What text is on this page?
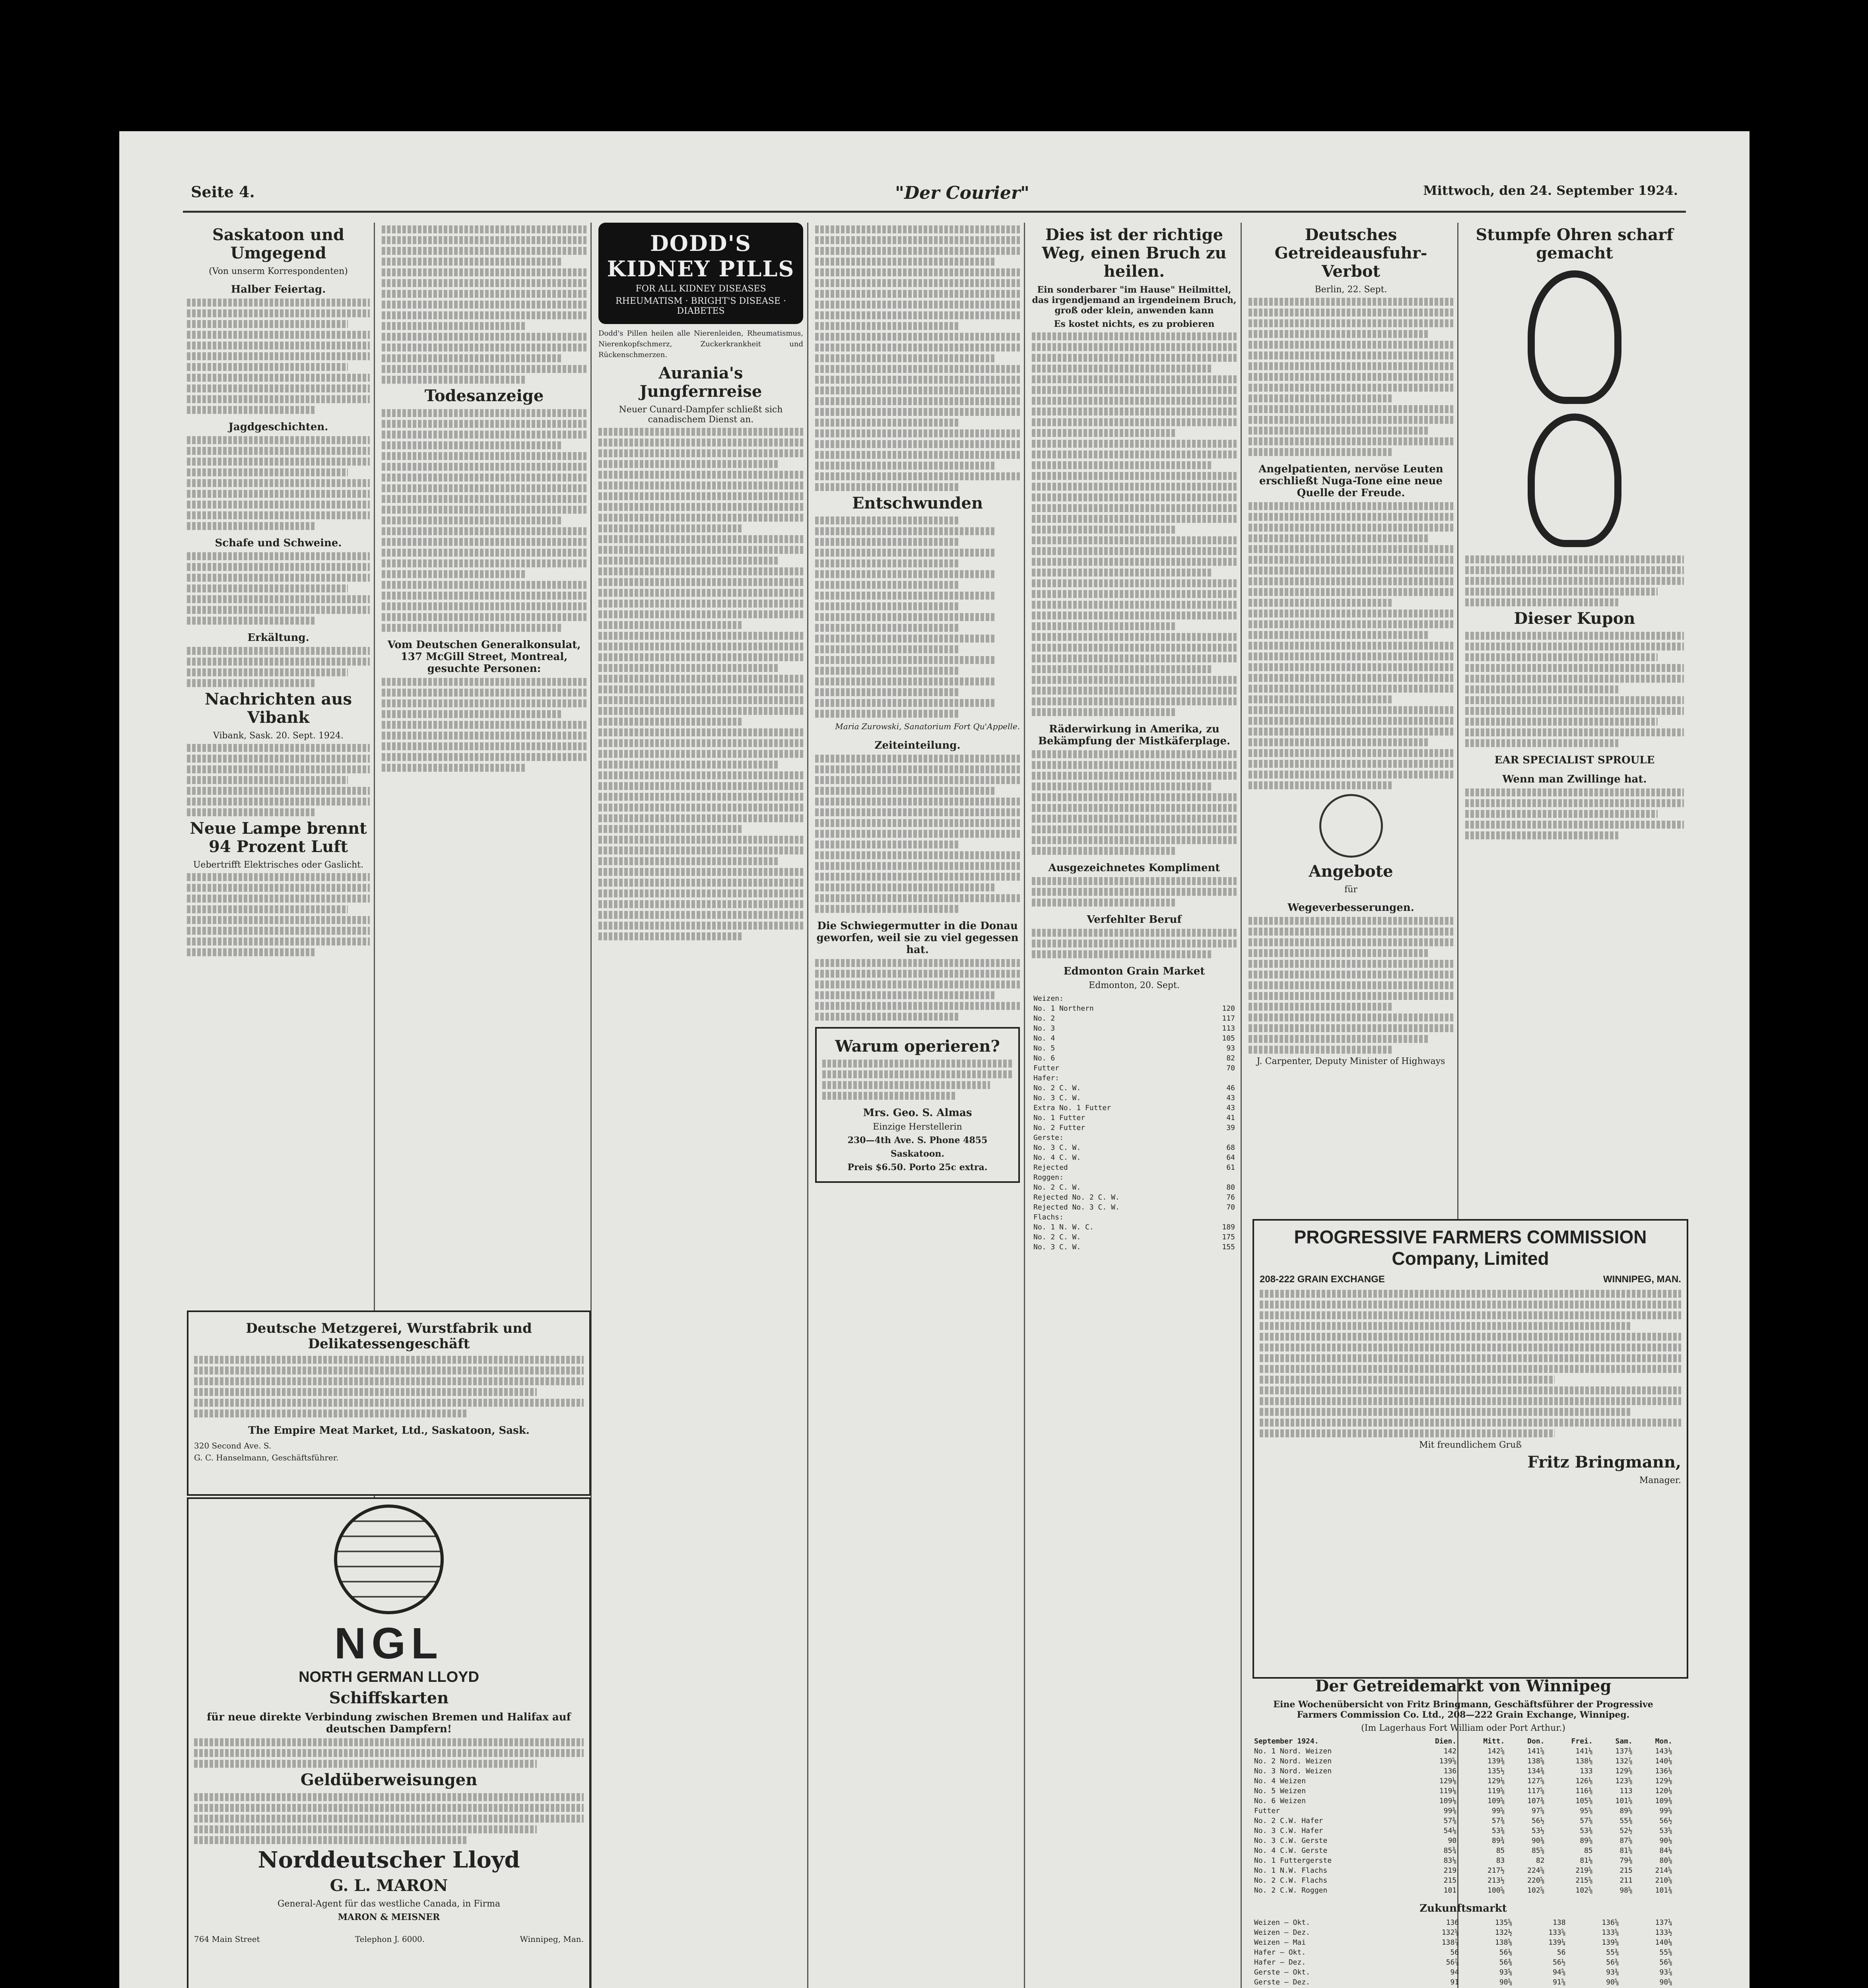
Seite 4.	"Der Courier"	Mittwoch, den 24. September 1924.
Saskatoon und Umgegend
(Von unserm Korrespondenten)
Halber Feiertag.
Jagdgeschichten.
Schafe und Schweine.
Erkältung.
Nachrichten aus Vibank
Vibank, Sask. 20. Sept. 1924.
Neue Lampe brennt 94 Prozent Luft
Uebertrifft Elektrisches oder Gaslicht.
Todesanzeige
Vom Deutschen Generalkonsulat, 137 McGill Street, Montreal, gesuchte Personen:
Deutsche Metzgerei, Wurstfabrik und Delikatessengeschäft
The Empire Meat Market, Ltd., Saskatoon, Sask.
320 Second Ave. S.
G. C. Hanselmann, Geschäftsführer.
NGL
NORTH GERMAN LLOYD
Schiffskarten
für neue direkte Verbindung zwischen Bremen und Halifax auf deutschen Dampfern!
Geldüberweisungen
Norddeutscher Lloyd
G. L. MARON
General-Agent für das westliche Canada, in Firma
MARON & MEISNER
764 Main Street	Telephon J. 6000.	Winnipeg, Man.
DODD'S
KIDNEY PILLS
FOR ALL KIDNEY DISEASES
RHEUMATISM · BRIGHT'S DISEASE · DIABETES
Dodd's Pillen heilen alle Nierenleiden, Rheumatismus, Nierenkopfschmerz, Zuckerkrankheit und Rückenschmerzen.
Aurania's Jungfernreise
Neuer Cunard-Dampfer schließt sich canadischem Dienst an.
Entschwunden
Maria Zurowski, Sanatorium Fort Qu'Appelle.
Zeiteinteilung.
Die Schwiegermutter in die Donau geworfen, weil sie zu viel gegessen hat.
Warum operieren?
Mrs. Geo. S. Almas
Einzige Herstellerin
230—4th Ave. S. Phone 4855
Saskatoon.
Preis $6.50. Porto 25c extra.
Dies ist der richtige Weg, einen Bruch zu heilen.
Ein sonderbarer "im Hause" Heilmittel, das irgendjemand an irgendeinem Bruch, groß oder klein, anwenden kann
Es kostet nichts, es zu probieren
Räderwirkung in Amerika, zu Bekämpfung der Mistkäferplage.
Ausgezeichnetes Kompliment
Verfehlter Beruf
Edmonton Grain Market
Edmonton, 20. Sept.
Weizen:	
No. 1 Northern	120
No. 2	117
No. 3	113
No. 4	105
No. 5	93
No. 6	82
Futter	70
Hafer:	
No. 2 C. W.	46
No. 3 C. W.	43
Extra No. 1 Futter	43
No. 1 Futter	41
No. 2 Futter	39
Gerste:	
No. 3 C. W.	68
No. 4 C. W.	64
Rejected	61
Roggen:	
No. 2 C. W.	80
Rejected No. 2 C. W.	76
Rejected No. 3 C. W.	70
Flachs:	
No. 1 N. W. C.	189
No. 2 C. W.	175
No. 3 C. W.	155
Deutsches Getreideausfuhr-Verbot
Berlin, 22. Sept.
Angelpatienten, nervöse Leuten erschließt Nuga-Tone eine neue Quelle der Freude.
Angebote
für
Wegeverbesserungen.
J. Carpenter, Deputy Minister of Highways
Stumpfe Ohren scharf gemacht
Dieser Kupon
EAR SPECIALIST SPROULE
Wenn man Zwillinge hat.
PROGRESSIVE FARMERS COMMISSION
Company, Limited
208-222 GRAIN EXCHANGE	WINNIPEG, MAN.
Mit freundlichem Gruß
Fritz Bringmann,
Manager.
Der Getreidemarkt von Winnipeg
Eine Wochenübersicht von Fritz Bringmann, Geschäftsführer der Progressive Farmers Commission Co. Ltd., 208—222 Grain Exchange, Winnipeg.
(Im Lagerhaus Fort William oder Port Arthur.)
September 1924.	Dien.	Mitt.	Don.	Frei.	Sam.	Mon.
No. 1 Nord. Weizen	142	142⅝	141⅝	141⅛	137⅜	143⅛
No. 2 Nord. Weizen	139⅝	139⅜	138⅝	138⅛	132⅞	140⅛
No. 3 Nord. Weizen	136	135½	134⅜	133	129⅝	136⅛
No. 4 Weizen	129⅛	129⅛	127⅝	126⅛	123⅝	129⅛
No. 5 Weizen	119⅛	119⅝	117⅝	116⅜	113	120⅛
No. 6 Weizen	109⅛	109⅝	107⅜	105⅝	101⅝	109⅜
Futter	99⅜	99⅝	97⅝	95⅝	89⅝	99⅝
No. 2 C.W. Hafer	57⅜	57⅜	56½	57⅝	55⅜	56½
No. 3 C.W. Hafer	54⅛	53⅜	53½	53⅜	52½	53⅝
No. 3 C.W. Gerste	90	89¾	90⅜	89⅝	87⅝	90⅛
No. 4 C.W. Gerste	85¾	85	85⅝	85	81⅝	84⅛
No. 1 Futtergerste	83⅛	83	82	81⅛	79⅜	80⅝
No. 1 N.W. Flachs	219	217½	224⅝	219⅝	215	214⅝
No. 2 C.W. Flachs	215	213½	220⅝	215⅝	211	210⅝
No. 2 C.W. Roggen	101	100⅝	102⅝	102⅝	98⅝	101⅜
Zukunftsmarkt
Weizen — Okt.	136	135⅝	138	136⅝	137¼
Weizen — Dez.	132⅝	132½	133⅝	133⅝	133½
Weizen — Mai	138⅞	138⅝	139¼	139⅝	140⅛
Hafer — Okt.	56	56⅛	56	55⅜	55⅝
Hafer — Dez.	56⅞	56⅜	56½	56⅜	56⅝
Gerste — Okt.	94	93⅝	94⅝	93⅜	93⅞
Gerste — Dez.	91	90⅝	91⅝	90⅝	90⅝
